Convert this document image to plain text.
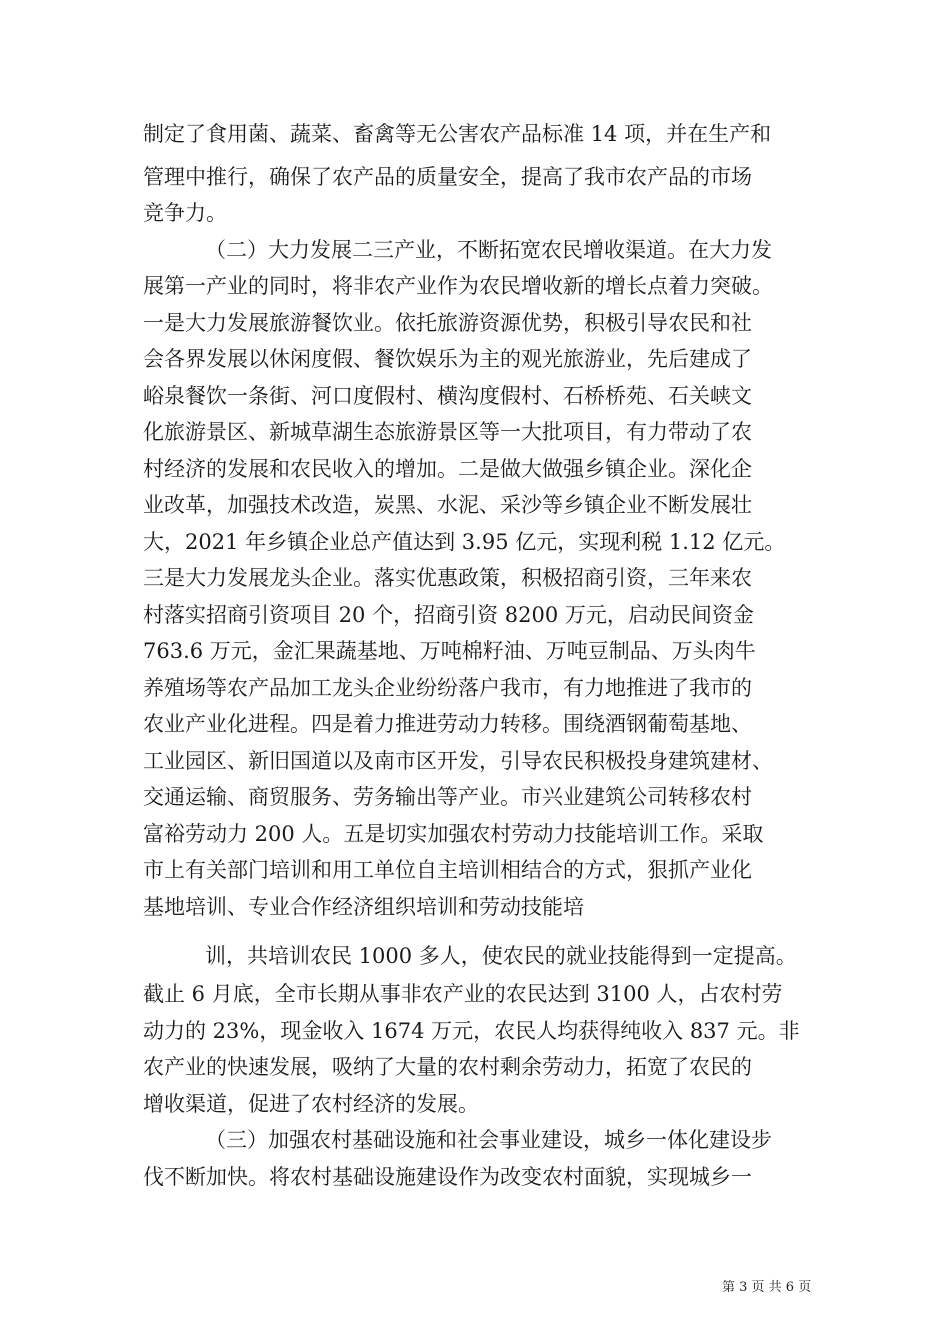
制定了食用菌、蔬菜、畜禽等无公害农产品标准 14 项，并在生产和
管理中推行，确保了农产品的质量安全，提高了我市农产品的市场
竞争力。
（二）大力发展二三产业，不断拓宽农民增收渠道。在大力发
展第一产业的同时，将非农产业作为农民增收新的增长点着力突破。
一是大力发展旅游餐饮业。依托旅游资源优势，积极引导农民和社
会各界发展以休闲度假、餐饮娱乐为主的观光旅游业，先后建成了
峪泉餐饮一条街、河口度假村、横沟度假村、石桥桥苑、石关峡文
化旅游景区、新城草湖生态旅游景区等一大批项目，有力带动了农
村经济的发展和农民收入的增加。二是做大做强乡镇企业。深化企
业改革，加强技术改造，炭黑、水泥、采沙等乡镇企业不断发展壮
大，2021 年乡镇企业总产值达到 3.95 亿元，实现利税 1.12 亿元。
三是大力发展龙头企业。落实优惠政策，积极招商引资，三年来农
村落实招商引资项目 20 个，招商引资 8200 万元，启动民间资金
763.6 万元，金汇果蔬基地、万吨棉籽油、万吨豆制品、万头肉牛
养殖场等农产品加工龙头企业纷纷落户我市，有力地推进了我市的
农业产业化进程。四是着力推进劳动力转移。围绕酒钢葡萄基地、
工业园区、新旧国道以及南市区开发，引导农民积极投身建筑建材、
交通运输、商贸服务、劳务输出等产业。市兴业建筑公司转移农村
富裕劳动力 200 人。五是切实加强农村劳动力技能培训工作。采取
市上有关部门培训和用工单位自主培训相结合的方式，狠抓产业化
基地培训、专业合作经济组织培训和劳动技能培
训，共培训农民 1000 多人，使农民的就业技能得到一定提高。
截止 6 月底，全市长期从事非农产业的农民达到 3100 人，占农村劳
动力的 23%，现金收入 1674 万元，农民人均获得纯收入 837 元。非
农产业的快速发展，吸纳了大量的农村剩余劳动力，拓宽了农民的
增收渠道，促进了农村经济的发展。
（三）加强农村基础设施和社会事业建设，城乡一体化建设步
伐不断加快。将农村基础设施建设作为改变农村面貌，实现城乡一
第 3 页 共 6 页
